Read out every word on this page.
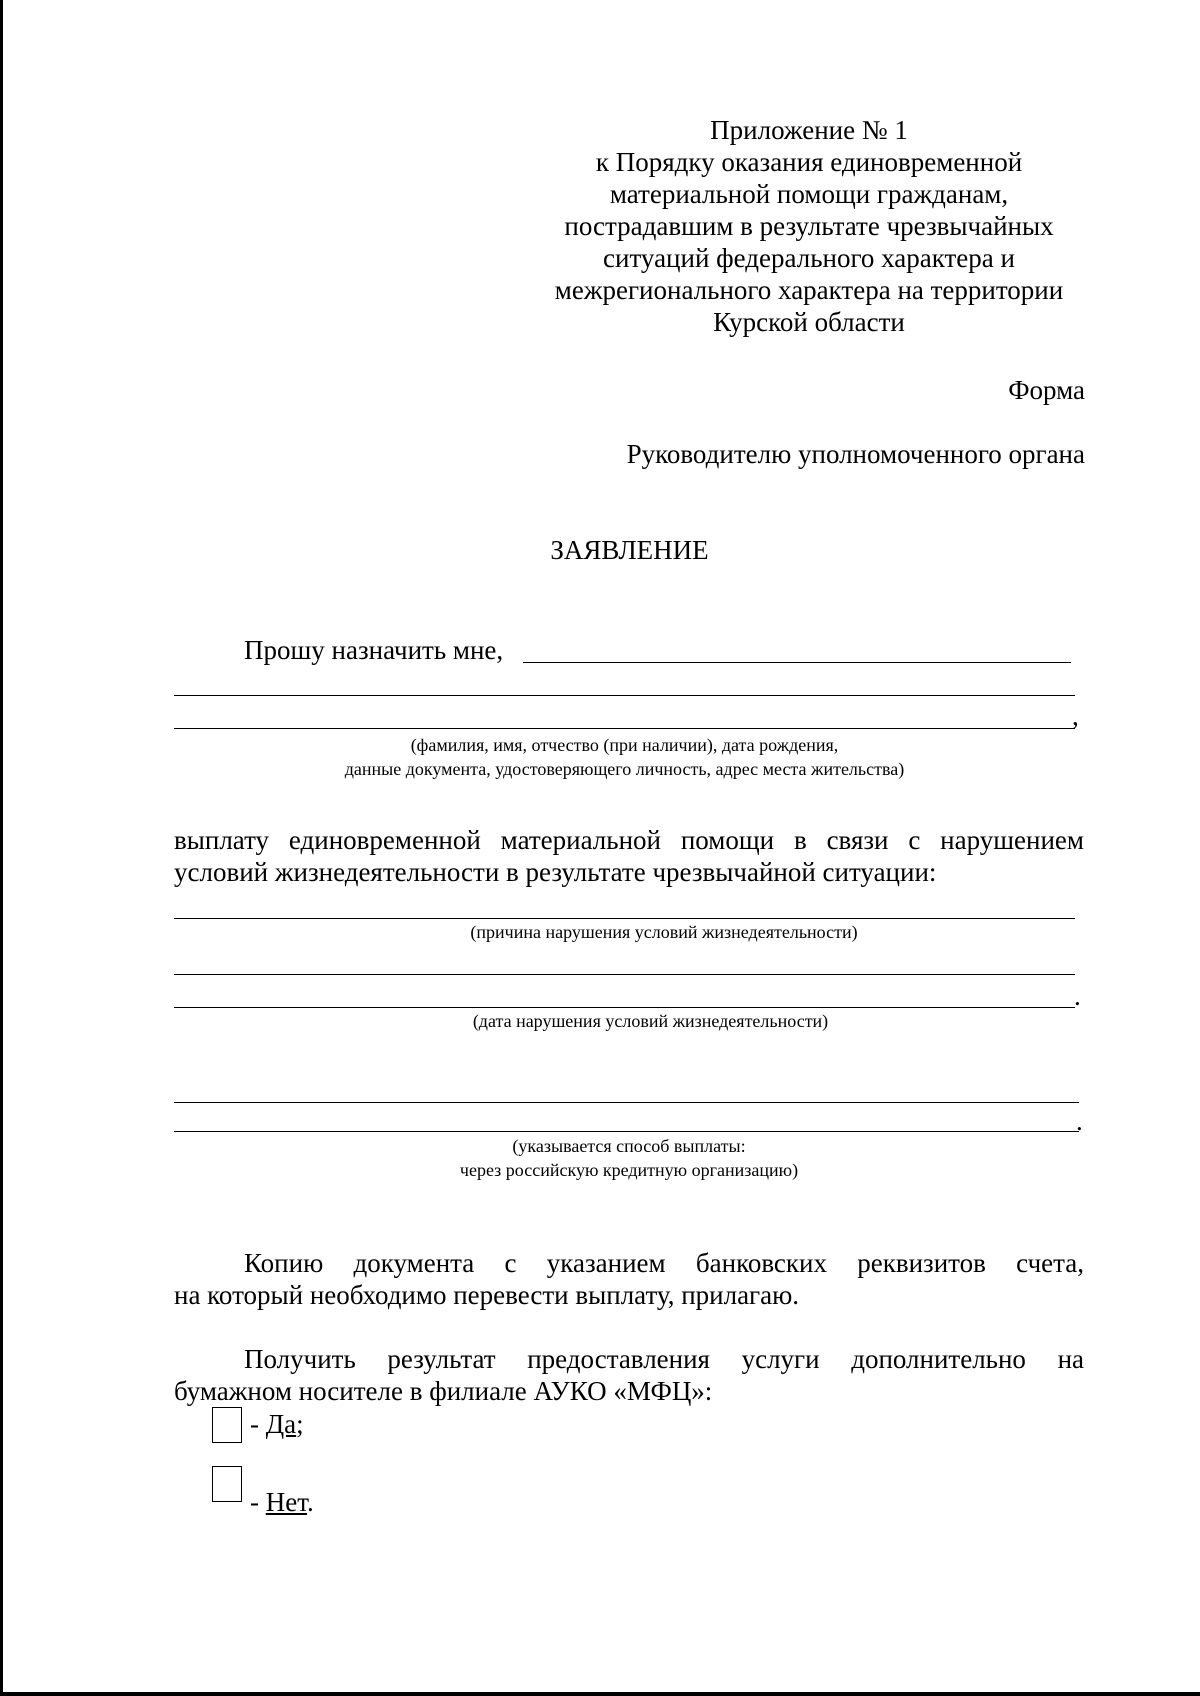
Приложение № 1
к Порядку оказания единовременной
материальной помощи гражданам,
пострадавшим в результате чрезвычайных
ситуаций федерального характера и
межрегионального характера на территории
Курской области
Форма
Руководителю уполномоченного органа
ЗАЯВЛЕНИЕ
Прошу назначить мне,
,
(фамилия, имя, отчество (при наличии), дата рождения,
данные документа, удостоверяющего личность, адрес места жительства)
выплату единовременной материальной помощи в связи с нарушением
условий жизнедеятельности в результате чрезвычайной ситуации:
(причина нарушения условий жизнедеятельности)
.
(дата нарушения условий жизнедеятельности)
.
(указывается способ выплаты:
через российскую кредитную организацию)
Копию документа с указанием банковских реквизитов счета,
на который необходимо перевести выплату, прилагаю.
Получить результат предоставления услуги дополнительно на
бумажном носителе в филиале АУКО «МФЦ»:
- Да;
- Нет.
